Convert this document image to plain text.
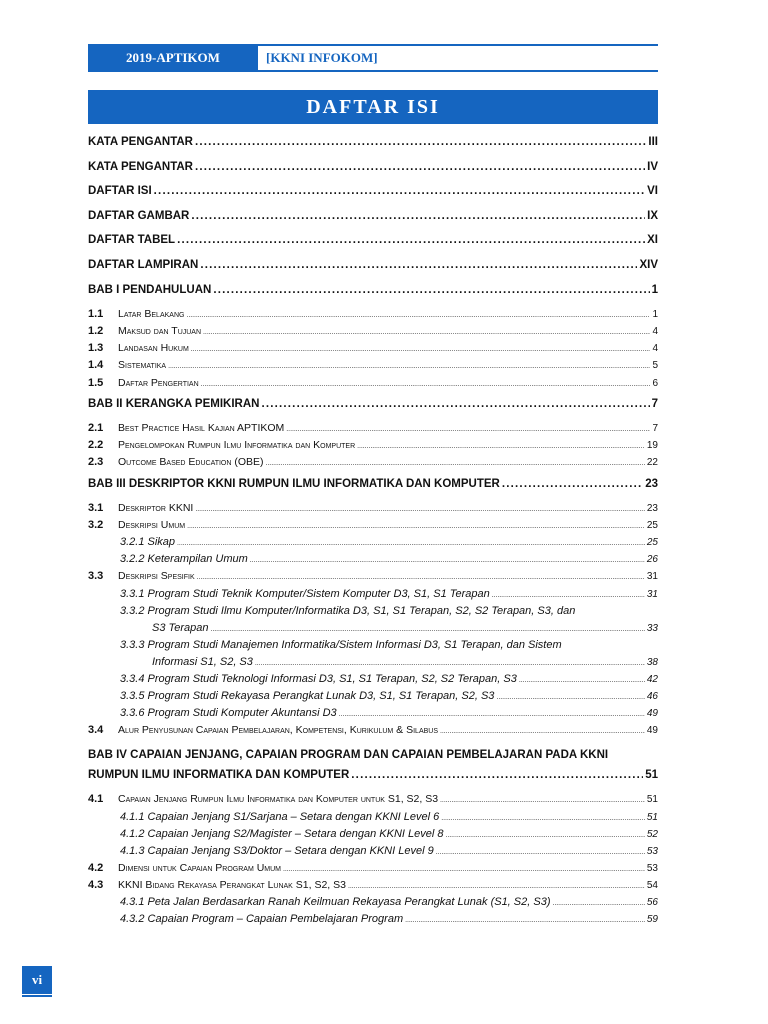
2019-APTIKOM	[KKNI INFOKOM]
DAFTAR ISI
KATA PENGANTAR . . .	III
KATA PENGANTAR . . .	IV
DAFTAR ISI . . .	VI
DAFTAR GAMBAR . . .	IX
DAFTAR TABEL . . .	XI
DAFTAR LAMPIRAN . . .	XIV
BAB I PENDAHULUAN . . .	1
1.1	Latar Belakang . . .	1
1.2	Maksud dan Tujuan . . .	4
1.3	Landasan Hukum . . .	4
1.4	Sistematika . . .	5
1.5	Daftar Pengertian . . .	6
BAB II KERANGKA PEMIKIRAN . . .	7
2.1	Best Practice Hasil Kajian APTIKOM . . .	7
2.2	Pengelompokan Rumpun Ilmu Informatika dan Komputer . . .	19
2.3	Outcome Based Education (OBE) . . .	22
BAB III DESKRIPTOR KKNI RUMPUN ILMU INFORMATIKA DAN KOMPUTER . . .	23
3.1	Deskriptor KKNI . . .	23
3.2	Deskripsi Umum . . .	25
3.2.1 Sikap . . .	25
3.2.2 Keterampilan Umum . . .	26
3.3	Deskripsi Spesifik . . .	31
3.3.1 Program Studi Teknik Komputer/Sistem Komputer D3, S1, S1 Terapan . . .	31
3.3.2 Program Studi Ilmu Komputer/Informatika D3, S1, S1 Terapan, S2, S2 Terapan, S3, dan
S3 Terapan . . .	33
3.3.3 Program Studi Manajemen Informatika/Sistem Informasi D3, S1 Terapan, dan Sistem
Informasi S1, S2, S3 . . .	38
3.3.4 Program Studi Teknologi Informasi D3, S1, S1 Terapan, S2, S2 Terapan, S3 . . .	42
3.3.5 Program Studi Rekayasa Perangkat Lunak D3, S1, S1 Terapan, S2, S3 . . .	46
3.3.6 Program Studi Komputer Akuntansi D3 . . .	49
3.4	Alur Penyusunan Capaian Pembelajaran, Kompetensi, Kurikulum & Silabus . . .	49
BAB IV CAPAIAN JENJANG, CAPAIAN PROGRAM DAN CAPAIAN PEMBELAJARAN PADA KKNI
RUMPUN ILMU INFORMATIKA DAN KOMPUTER . . .	51
4.1	Capaian Jenjang Rumpun Ilmu Informatika dan Komputer untuk S1, S2, S3 . . .	51
4.1.1 Capaian Jenjang S1/Sarjana – Setara dengan KKNI Level 6 . . .	51
4.1.2 Capaian Jenjang S2/Magister – Setara dengan KKNI Level 8 . . .	52
4.1.3 Capaian Jenjang S3/Doktor – Setara dengan KKNI Level 9 . . .	53
4.2	Dimensi untuk Capaian Program Umum . . .	53
4.3	KKNI Bidang Rekayasa Perangkat Lunak S1, S2, S3 . . .	54
4.3.1 Peta Jalan Berdasarkan Ranah Keilmuan Rekayasa Perangkat Lunak (S1, S2, S3) . . .	56
4.3.2 Capaian Program – Capaian Pembelajaran Program . . .	59
vi
